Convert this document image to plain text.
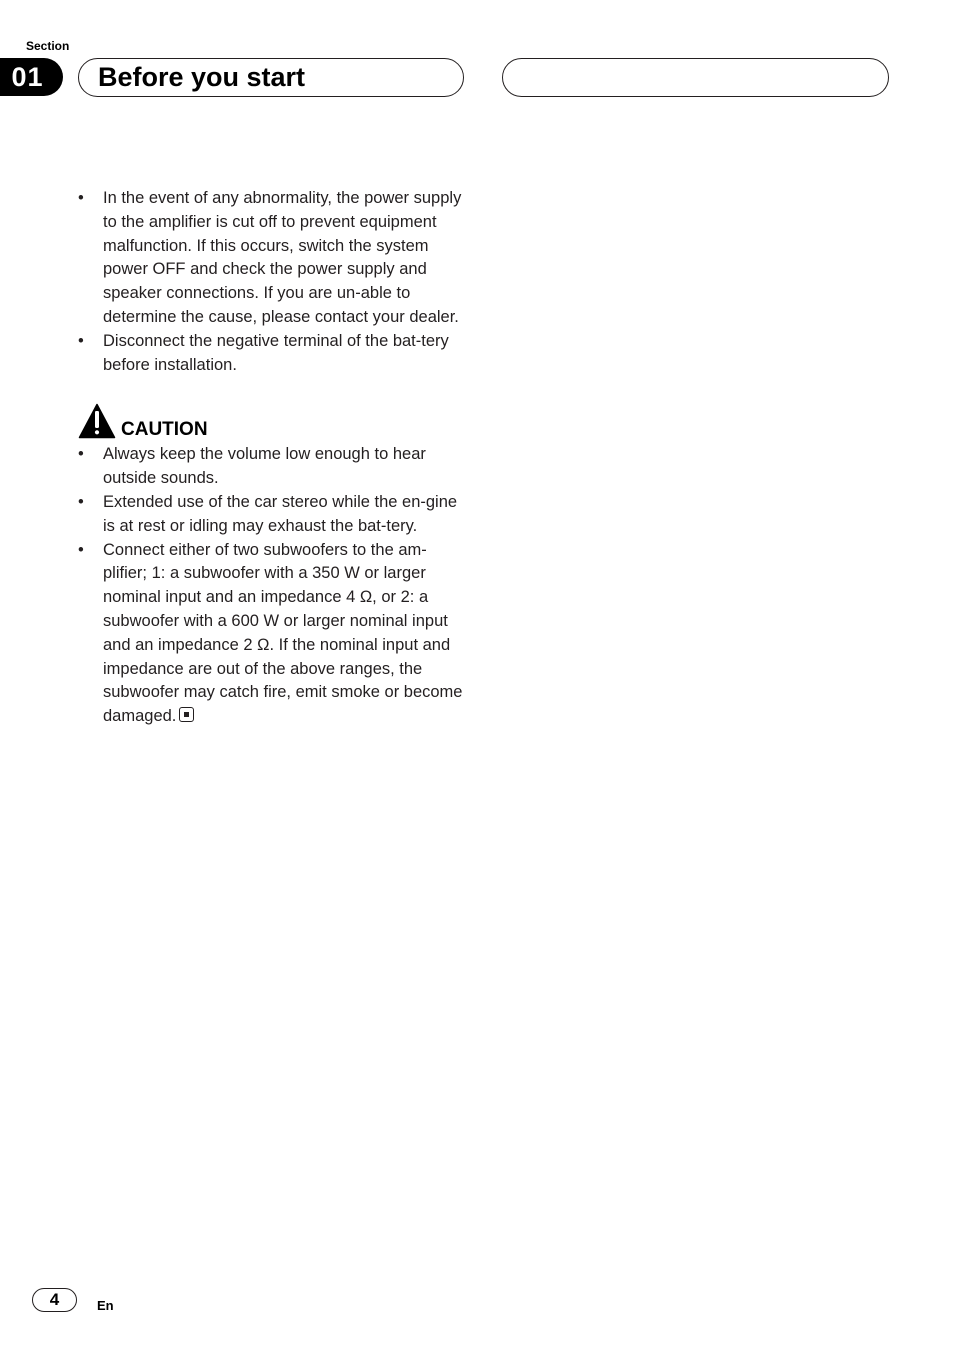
Section
01	Before you start
• In the event of any abnormality, the power supply to the amplifier is cut off to prevent equipment malfunction. If this occurs, switch the system power OFF and check the power supply and speaker connections. If you are un-able to determine the cause, please contact your dealer.
• Disconnect the negative terminal of the bat-tery before installation.
CAUTION
• Always keep the volume low enough to hear outside sounds.
• Extended use of the car stereo while the en-gine is at rest or idling may exhaust the bat-tery.
• Connect either of two subwoofers to the am-plifier; 1: a subwoofer with a 350 W or larger nominal input and an impedance 4 Ω, or 2: a subwoofer with a 600 W or larger nominal input and an impedance 2 Ω. If the nominal input and impedance are out of the above ranges, the subwoofer may catch fire, emit smoke or become damaged.
4	En
